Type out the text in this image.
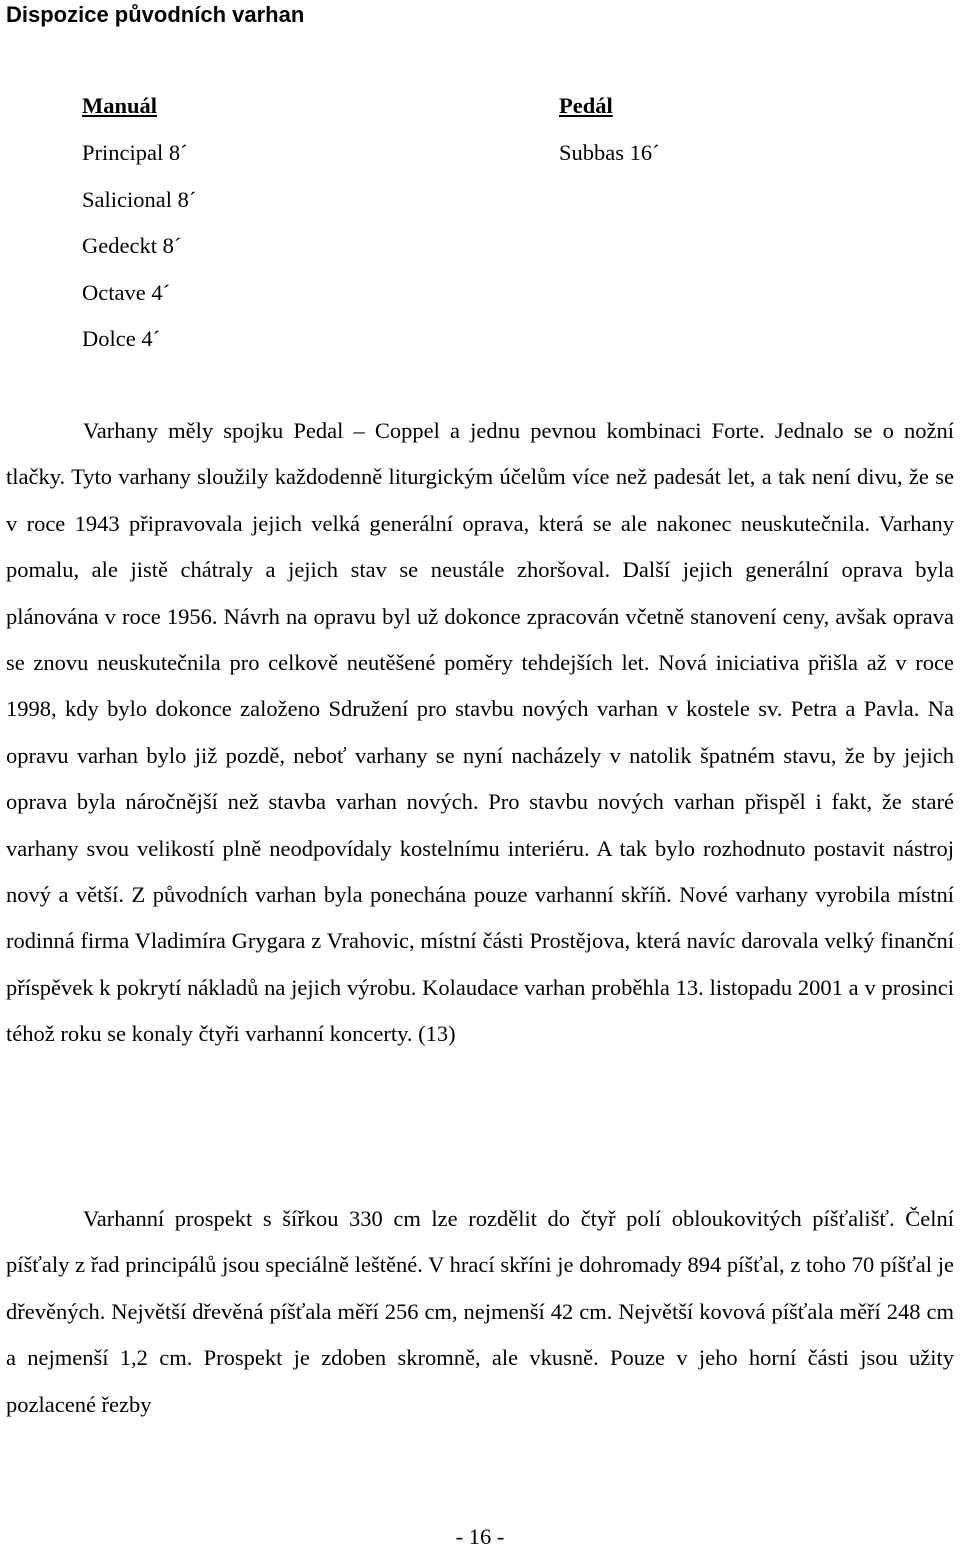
Dispozice původních varhan
Manuál
Principal 8´
Salicional 8´
Gedeckt 8´
Octave 4´
Dolce 4´
Pedál
Subbas 16´

Varhany měly spojku Pedal – Coppel a jednu pevnou kombinaci Forte. Jednalo se o nožní tlačky. Tyto varhany sloužily každodenně liturgickým účelům více než padesát let, a tak není divu, že se v roce 1943 připravovala jejich velká generální oprava, která se ale nakonec neuskutečnila. Varhany pomalu, ale jistě chátraly a jejich stav se neustále zhoršoval. Další jejich generální oprava byla plánována v roce 1956. Návrh na opravu byl už dokonce zpracován včetně stanovení ceny, avšak oprava se znovu neuskutečnila pro celkově neutěšené poměry tehdejších let. Nová iniciativa přišla až v roce 1998, kdy bylo dokonce založeno Sdružení pro stavbu nových varhan v kostele sv. Petra a Pavla. Na opravu varhan bylo již pozdě, neboť varhany se nyní nacházely v natolik špatném stavu, že by jejich oprava byla náročnější než stavba varhan nových. Pro stavbu nových varhan přispěl i fakt, že staré varhany svou velikostí plně neodpovídaly kostelnímu interiéru. A tak bylo rozhodnuto postavit nástroj nový a větší. Z původních varhan byla ponechána pouze varhanní skříň. Nové varhany vyrobila místní rodinná firma Vladimíra Grygara z Vrahovic, místní části Prostějova, která navíc darovala velký finanční příspěvek k pokrytí nákladů na jejich výrobu. Kolaudace varhan proběhla 13. listopadu 2001 a v prosinci téhož roku se konaly čtyři varhanní koncerty. (13)

Varhanní prospekt s šířkou 330 cm lze rozdělit do čtyř polí obloukovitých píšťališť. Čelní píšťaly z řad principálů jsou speciálně leštěné. V hrací skříni je dohromady 894 píšťal, z toho 70 píšťal je dřevěných. Největší dřevěná píšťala měří 256 cm, nejmenší 42 cm. Největší kovová píšťala měří 248 cm a nejmenší 1,2 cm. Prospekt je zdoben skromně, ale vkusně. Pouze v jeho horní části jsou užity pozlacené řezby

- 16 -
